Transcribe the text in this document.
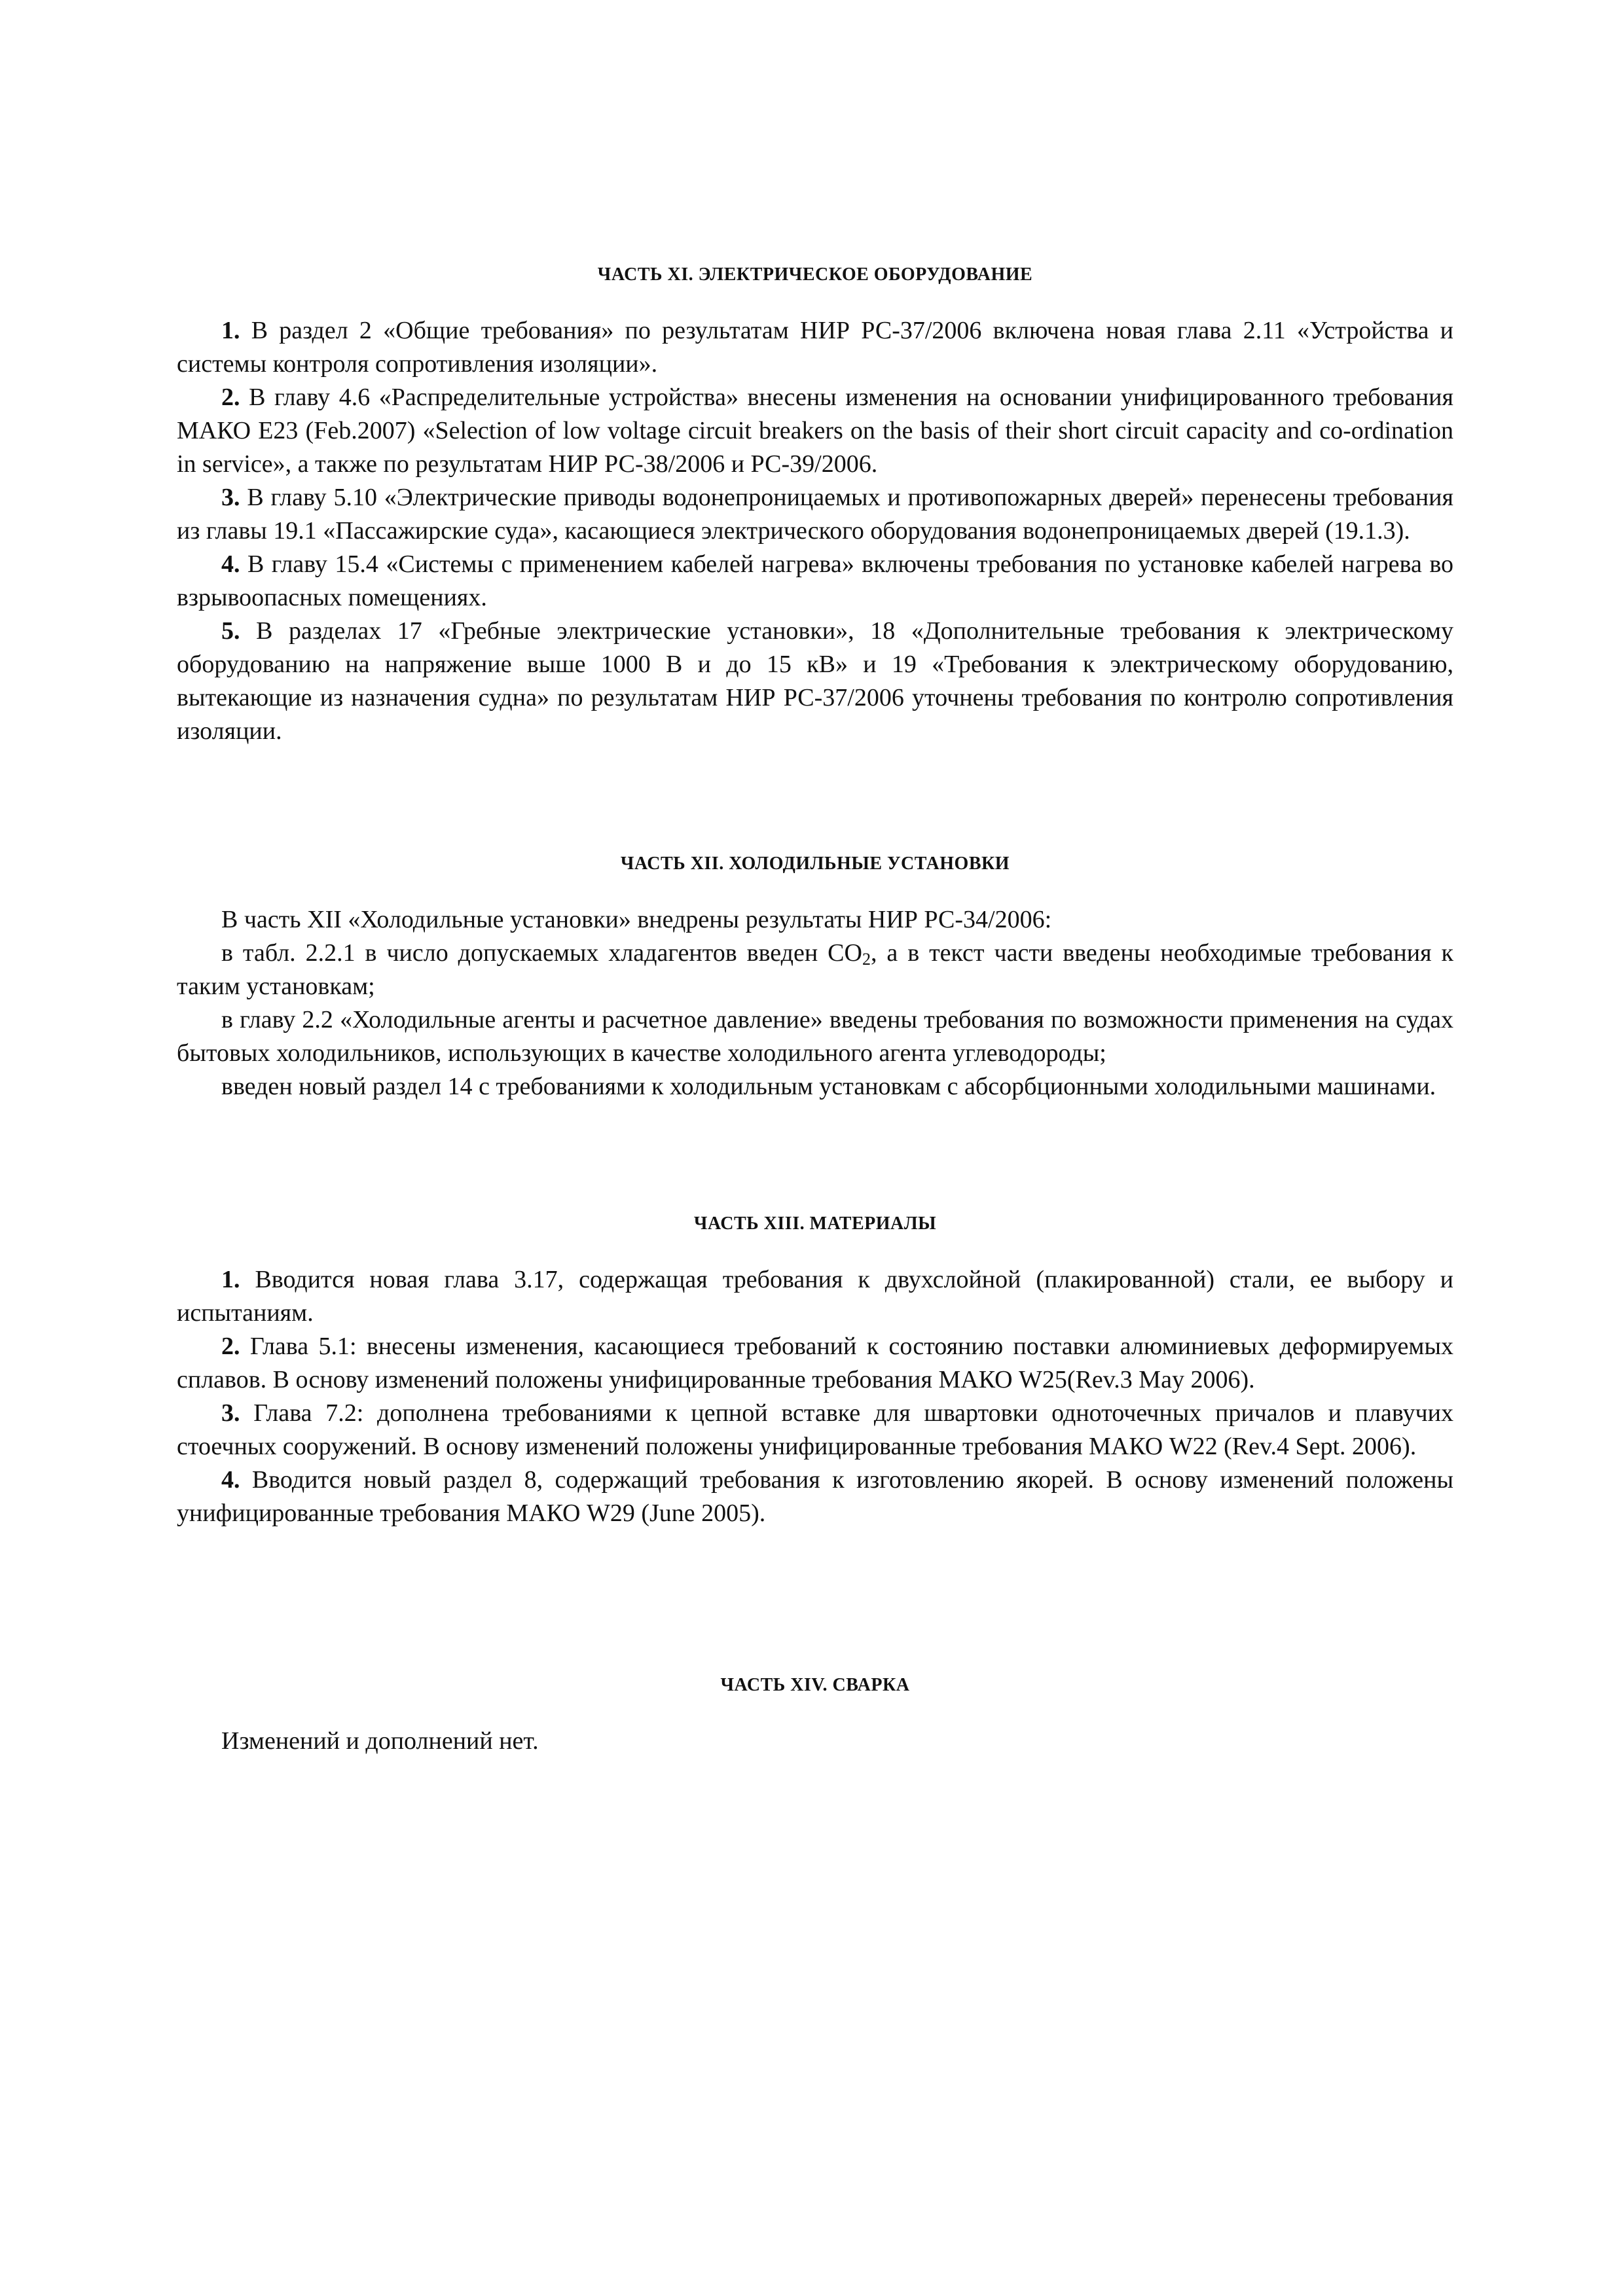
ЧАСТЬ XI. ЭЛЕКТРИЧЕСКОЕ ОБОРУДОВАНИЕ

1. В раздел 2 «Общие требования» по результатам НИР РС-37/2006 включена новая глава 2.11 «Устройства и системы контроля сопротивления изоляции».

2. В главу 4.6 «Распределительные устройства» внесены изменения на основании унифицированного требования МАКО E23 (Feb.2007) «Selection of low voltage circuit breakers on the basis of their short circuit capacity and co-ordination in service», а также по результатам НИР РС-38/2006 и РС-39/2006.

3. В главу 5.10 «Электрические приводы водонепроницаемых и противопожарных дверей» перенесены требования из главы 19.1 «Пассажирские суда», касающиеся электрического оборудования водонепроницаемых дверей (19.1.3).

4. В главу 15.4 «Системы с применением кабелей нагрева» включены требования по установке кабелей нагрева во взрывоопасных помещениях.

5. В разделах 17 «Гребные электрические установки», 18 «Дополнительные требования к электрическому оборудованию на напряжение выше 1000 В и до 15 кВ» и 19 «Требования к электрическому оборудованию, вытекающие из назначения судна» по результатам НИР РС-37/2006 уточнены требования по контролю сопротивления изоляции.

ЧАСТЬ XII. ХОЛОДИЛЬНЫЕ УСТАНОВКИ

В часть XII «Холодильные установки» внедрены результаты НИР РС-34/2006:

в табл. 2.2.1 в число допускаемых хладагентов введен $CO_2$, а в текст части введены необходимые требования к таким установкам;

в главу 2.2 «Холодильные агенты и расчетное давление» введены требования по возможности применения на судах бытовых холодильников, использующих в качестве холодильного агента углеводороды;

введен новый раздел 14 с требованиями к холодильным установкам с абсорбционными холодильными машинами.

ЧАСТЬ XIII. МАТЕРИАЛЫ

1. Вводится новая глава 3.17, содержащая требования к двухслойной (плакированной) стали, ее выбору и испытаниям.

2. Глава 5.1: внесены изменения, касающиеся требований к состоянию поставки алюминиевых деформируемых сплавов. В основу изменений положены унифицированные требования МАКО W25(Rev.3 May 2006).

3. Глава 7.2: дополнена требованиями к цепной вставке для швартовки одноточечных причалов и плавучих стоечных сооружений. В основу изменений положены унифицированные требования МАКО W22 (Rev.4 Sept. 2006).

4. Вводится новый раздел 8, содержащий требования к изготовлению якорей. В основу изменений положены унифицированные требования МАКО W29 (June 2005).

ЧАСТЬ XIV. СВАРКА

Изменений и дополнений нет.
